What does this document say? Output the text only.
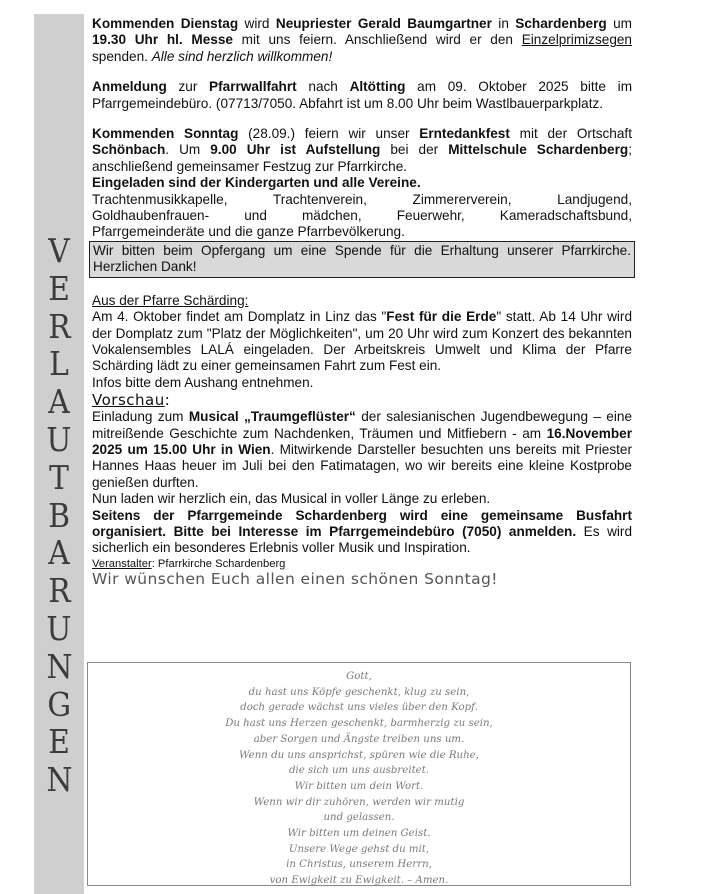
V
E
R
L
A
U
T
B
A
R
U
N
G
E
N

Kommenden Dienstag wird Neupriester Gerald Baumgartner in Schardenberg um 19.30 Uhr hl. Messe mit uns feiern. Anschließend wird er den Einzelprimizsegen spenden. Alle sind herzlich willkommen!

Anmeldung zur Pfarrwallfahrt nach Altötting am 09. Oktober 2025 bitte im Pfarrgemeindebüro. (07713/7050. Abfahrt ist um 8.00 Uhr beim Wastlbauerparkplatz.

Kommenden Sonntag (28.09.) feiern wir unser Erntedankfest mit der Ortschaft Schönbach. Um 9.00 Uhr ist Aufstellung bei der Mittelschule Schardenberg; anschließend gemeinsamer Festzug zur Pfarrkirche.

Eingeladen sind der Kindergarten und alle Vereine.

Trachtenmusikkapelle, Trachtenverein, Zimmererverein, Landjugend,

Goldhaubenfrauen- und mädchen, Feuerwehr, Kameradschaftsbund,

Pfarrgemeinderäte und die ganze Pfarrbevölkerung.

Wir bitten beim Opfergang um eine Spende für die Erhaltung unserer Pfarrkirche. Herzlichen Dank!

Aus der Pfarre Schärding:

Am 4. Oktober findet am Domplatz in Linz das "Fest für die Erde" statt. Ab 14 Uhr wird der Domplatz zum "Platz der Möglichkeiten", um 20 Uhr wird zum Konzert des bekannten Vokalensembles LALÁ eingeladen. Der Arbeitskreis Umwelt und Klima der Pfarre Schärding lädt zu einer gemeinsamen Fahrt zum Fest ein.

Infos bitte dem Aushang entnehmen.

Vorschau:

Einladung zum Musical „Traumgeflüster“ der salesianischen Jugendbewegung – eine mitreißende Geschichte zum Nachdenken, Träumen und Mitfiebern - am 16.November 2025 um 15.00 Uhr in Wien. Mitwirkende Darsteller besuchten uns bereits mit Priester Hannes Haas heuer im Juli bei den Fatimatagen, wo wir bereits eine kleine Kostprobe genießen durften.

Nun laden wir herzlich ein, das Musical in voller Länge zu erleben.

Seitens der Pfarrgemeinde Schardenberg wird eine gemeinsame Busfahrt organisiert. Bitte bei Interesse im Pfarrgemeindebüro (7050) anmelden. Es wird sicherlich ein besonderes Erlebnis voller Musik und Inspiration.

Veranstalter: Pfarrkirche Schardenberg

Wir wünschen Euch allen einen schönen Sonntag!

Gott,
du hast uns Köpfe geschenkt, klug zu sein,
doch gerade wächst uns vieles über den Kopf.
Du hast uns Herzen geschenkt, barmherzig zu sein,
aber Sorgen und Ängste treiben uns um.
Wenn du uns ansprichst, spüren wie die Ruhe,
die sich um uns ausbreitet.
Wir bitten um dein Wort.
Wenn wir dir zuhören, werden wir mutig
und gelassen.
Wir bitten um deinen Geist.
Unsere Wege gehst du mit,
in Christus, unserem Herrn,
von Ewigkeit zu Ewigkeit. – Amen.
